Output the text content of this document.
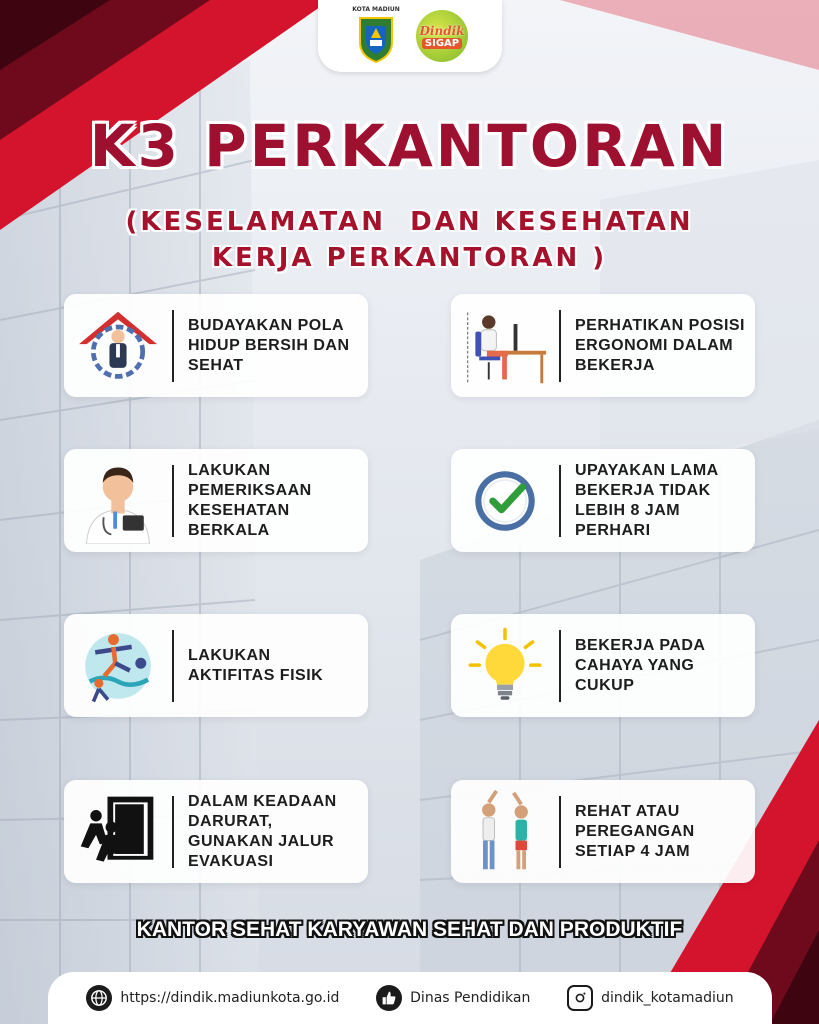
KOTA MADIUN
Dindik
SIGAP
K3 PERKANTORAN
(KESELAMATAN  DAN KESEHATAN
KERJA PERKANTORAN )
BUDAYAKAN POLA HIDUP BERSIH DAN SEHAT
PERHATIKAN POSISI ERGONOMI DALAM BEKERJA
LAKUKAN PEMERIKSAAN KESEHATAN BERKALA
UPAYAKAN LAMA BEKERJA TIDAK LEBIH 8 JAM PERHARI
LAKUKAN AKTIFITAS FISIK
BEKERJA PADA CAHAYA YANG CUKUP
DALAM KEADAAN DARURAT, GUNAKAN JALUR EVAKUASI
REHAT ATAU PEREGANGAN SETIAP 4 JAM
KANTOR SEHAT KARYAWAN SEHAT DAN PRODUKTIF
https://dindik.madiunkota.go.id	Dinas Pendidikan	dindik_kotamadiun
